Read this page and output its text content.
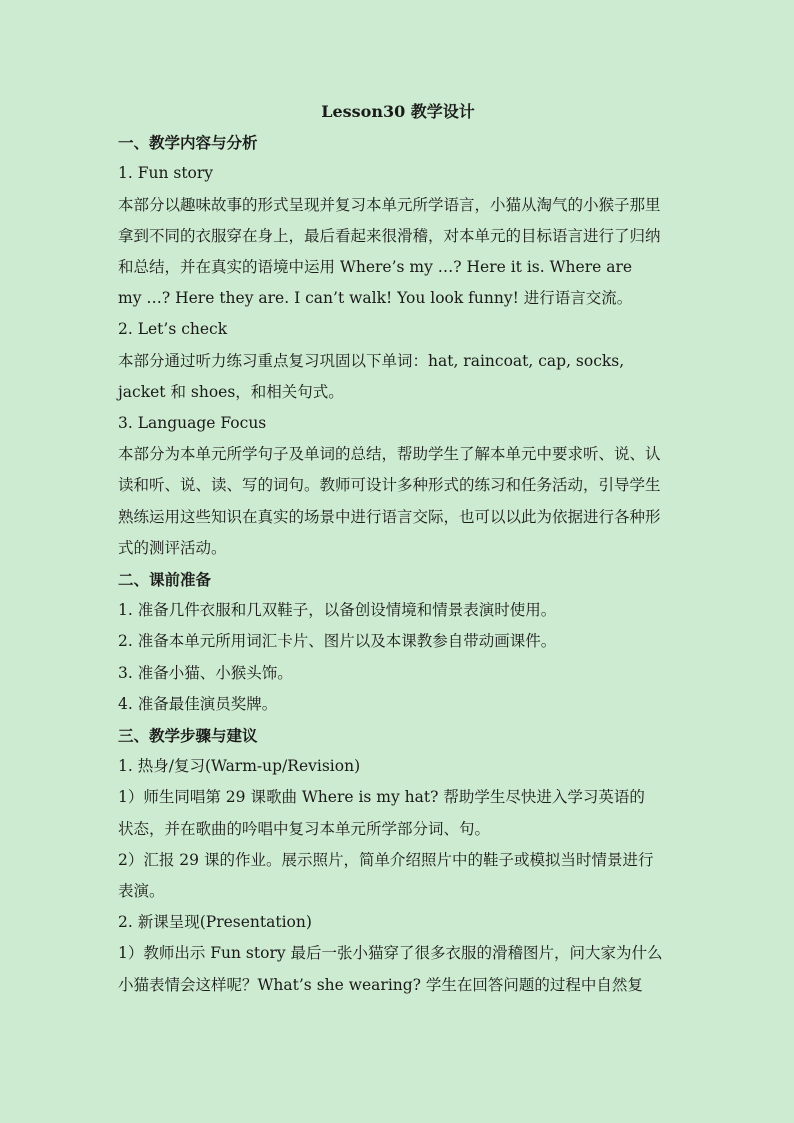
Lesson30 教学设计

一、教学内容与分析

1. Fun story

本部分以趣味故事的形式呈现并复习本单元所学语言，小猫从淘气的小猴子那里

拿到不同的衣服穿在身上，最后看起来很滑稽，对本单元的目标语言进行了归纳

和总结，并在真实的语境中运用 Where’s my …? Here it is. Where are

my …? Here they are. I can’t walk! You look funny! 进行语言交流。

2. Let’s check

本部分通过听力练习重点复习巩固以下单词：hat, raincoat, cap, socks,

jacket 和 shoes，和相关句式。

3. Language Focus

本部分为本单元所学句子及单词的总结，帮助学生了解本单元中要求听、说、认

读和听、说、读、写的词句。教师可设计多种形式的练习和任务活动，引导学生

熟练运用这些知识在真实的场景中进行语言交际，也可以以此为依据进行各种形

式的测评活动。

二、课前准备

1. 准备几件衣服和几双鞋子，以备创设情境和情景表演时使用。

2. 准备本单元所用词汇卡片、图片以及本课教参自带动画课件。

3. 准备小猫、小猴头饰。

4. 准备最佳演员奖牌。

三、教学步骤与建议

1. 热身/复习(Warm-up/Revision)

1）师生同唱第 29 课歌曲 Where is my hat? 帮助学生尽快进入学习英语的

状态，并在歌曲的吟唱中复习本单元所学部分词、句。

2）汇报 29 课的作业。展示照片，简单介绍照片中的鞋子或模拟当时情景进行

表演。

2. 新课呈现(Presentation)

1）教师出示 Fun story 最后一张小猫穿了很多衣服的滑稽图片，问大家为什么

小猫表情会这样呢？What’s she wearing? 学生在回答问题的过程中自然复
